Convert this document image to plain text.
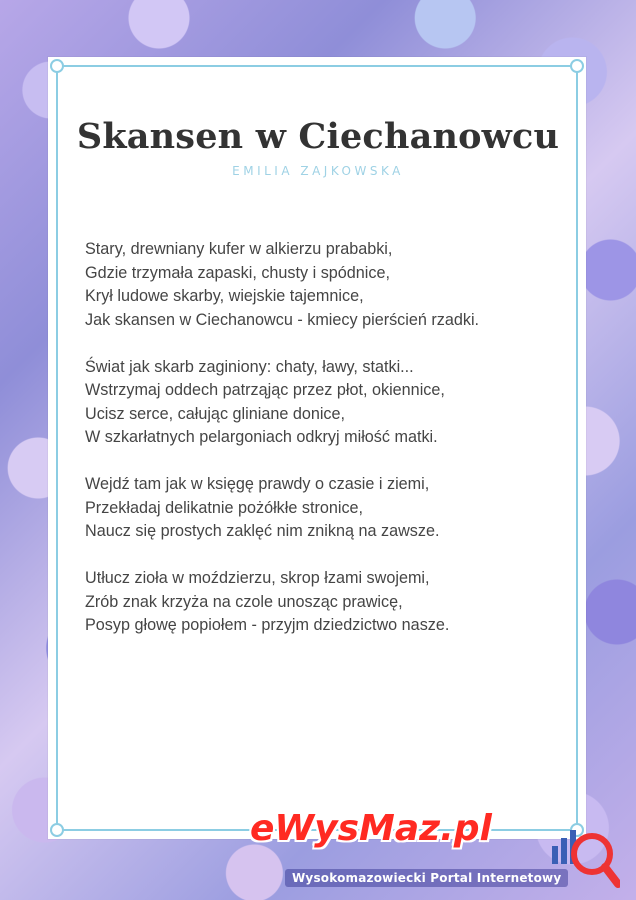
Skansen w Ciechanowcu
EMILIA ZAJKOWSKA
Stary, drewniany kufer w alkierzu prababki,
Gdzie trzymała zapaski, chusty i spódnice,
Krył ludowe skarby, wiejskie tajemnice,
Jak skansen w Ciechanowcu - kmiecy pierścień rzadki.
Świat jak skarb zaginiony: chaty, ławy, statki...
Wstrzymaj oddech patrząjąc przez płot, okiennice,
Ucisz serce, całując gliniane donice,
W szkarłatnych pelargoniach odkryj miłość matki.
Wejdź tam jak w księgę prawdy o czasie i ziemi,
Przekładaj delikatnie pożółkłe stronice,
Naucz się prostych zaklęć nim znikną na zawsze.
Utłucz zioła w moździerzu, skrop łzami swojemi,
Zrób znak krzyża na czole unosząc prawicę,
Posyp głowę popiołem - przyjm dziedzictwo nasze.
eWysMaz.pl
Wysokomazowiecki Portal Internetowy
